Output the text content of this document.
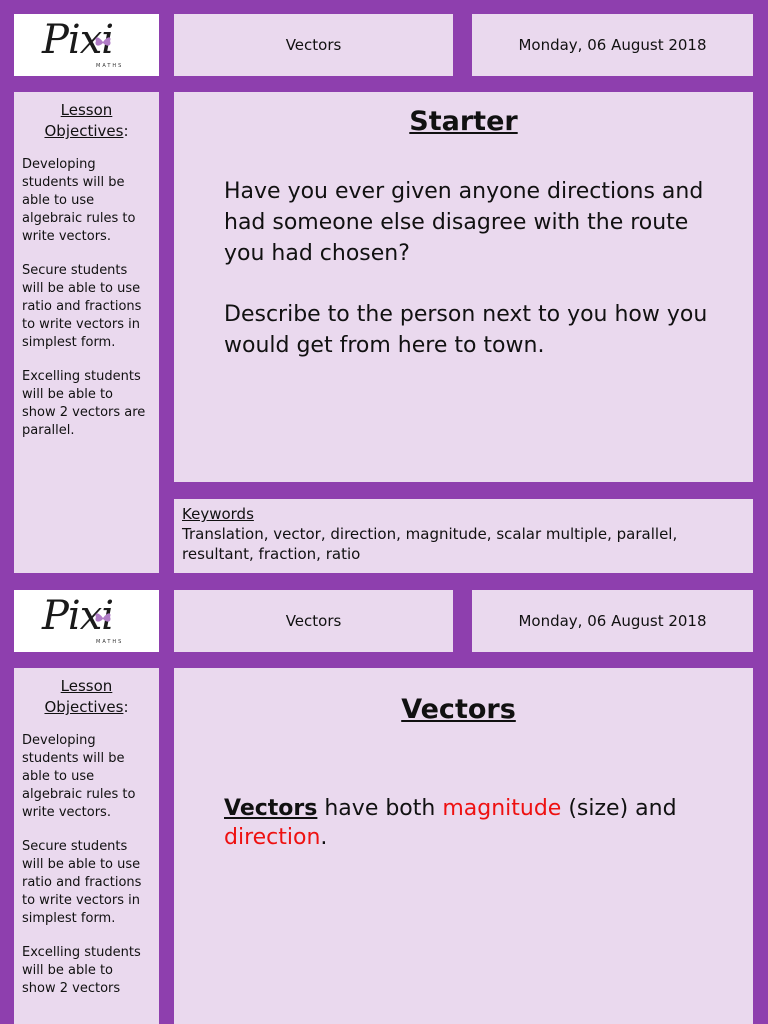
Pixi
MATHS
Vectors	Monday, 06 August 2018
Lesson
Objectives:

Developing students will be able to use algebraic rules to write vectors.

Secure students will be able to use ratio and fractions to write vectors in simplest form.

Excelling students will be able to show 2 vectors are parallel.

Starter
Have you ever given anyone directions and had someone else disagree with the route you had chosen?
Describe to the person next to you how you would get from here to town.
Keywords
Translation, vector, direction, magnitude, scalar multiple, parallel, resultant, fraction, ratio
Pixi
MATHS
Vectors	Monday, 06 August 2018
Lesson
Objectives:

Developing students will be able to use algebraic rules to write vectors.

Secure students will be able to use ratio and fractions to write vectors in simplest form.

Excelling students will be able to show 2 vectors

Vectors
Vectors have both magnitude (size) and
direction.
